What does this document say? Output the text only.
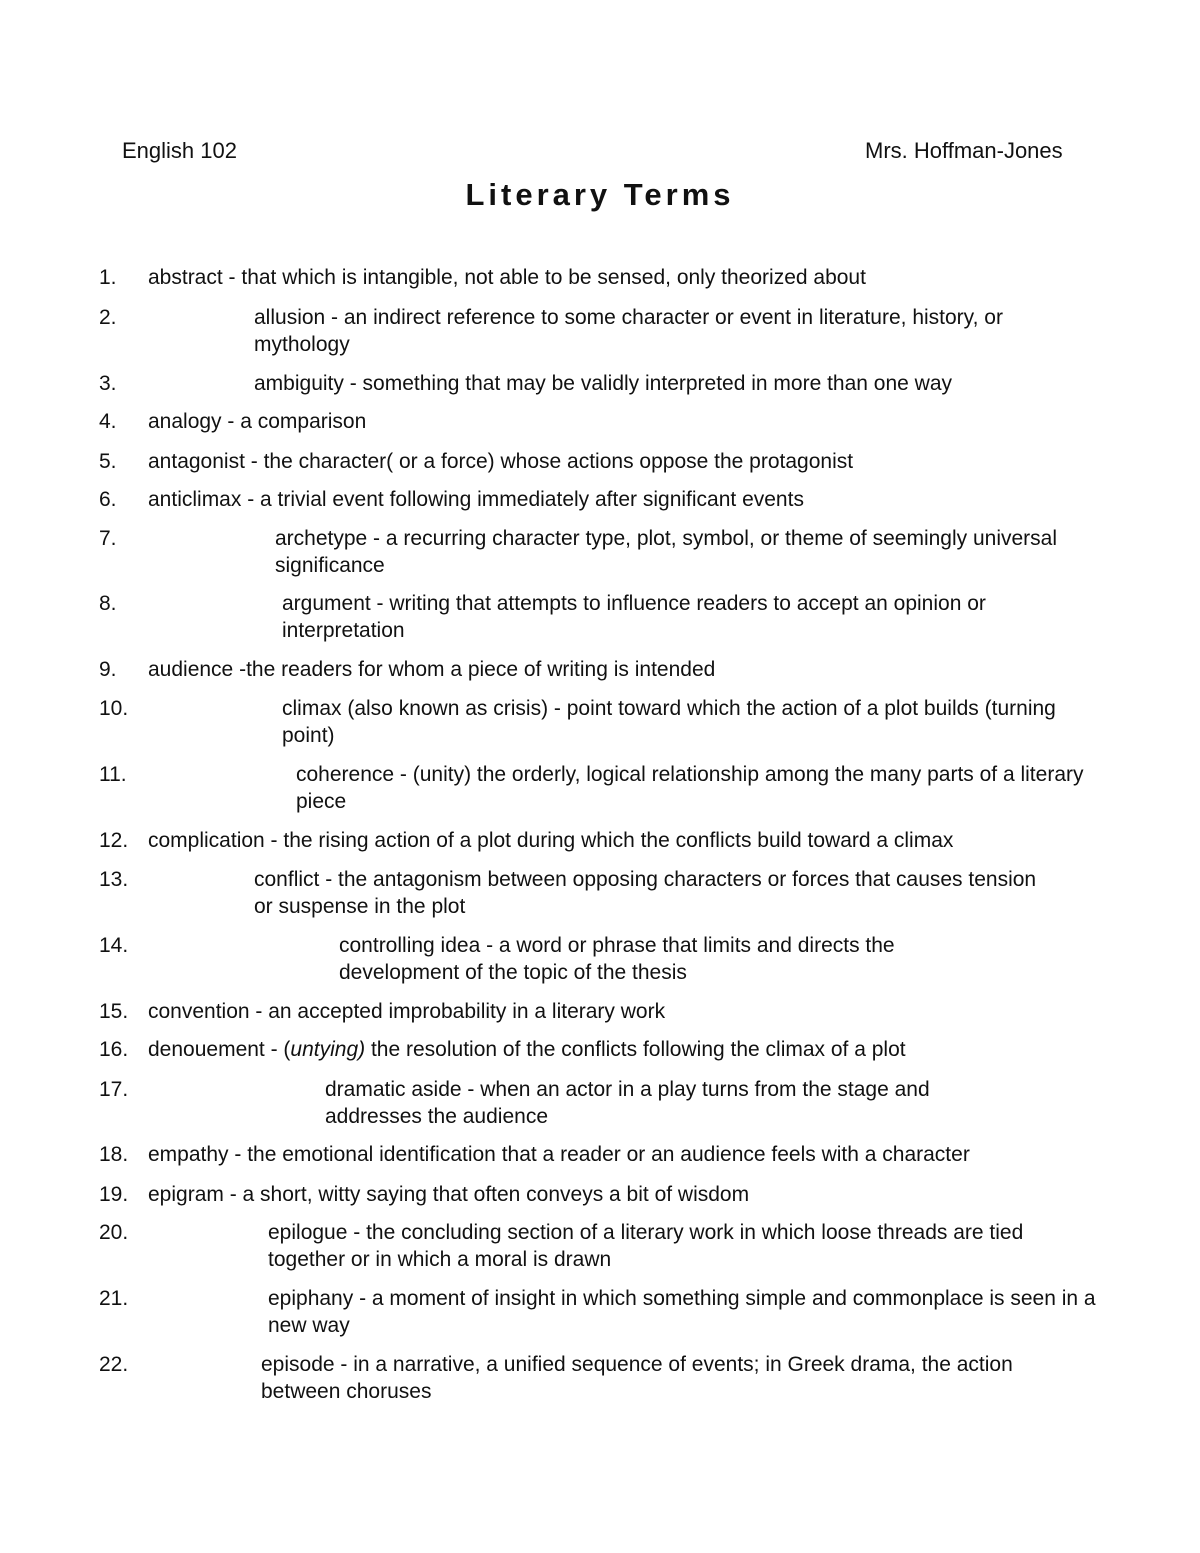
English 102	Mrs. Hoffman-Jones
Literary Terms
1. abstract - that which is intangible, not able to be sensed, only theorized about
2.	allusion - an indirect reference to some character or event in literature, history, or mythology
3.	ambiguity - something that may be validly interpreted in more than one way
4. analogy - a comparison
5. antagonist - the character( or a force) whose actions oppose the protagonist
6. anticlimax - a trivial event following immediately after significant events
7.	archetype - a recurring character type, plot, symbol, or theme of seemingly universal significance
8.	argument - writing that attempts to influence readers to accept an opinion or interpretation
9. audience -the readers for whom a piece of writing is intended
10.	climax (also known as crisis) - point toward which the action of a plot builds (turning point)
11.	coherence - (unity) the orderly, logical relationship among the many parts of a literary piece
12. complication - the rising action of a plot during which the conflicts build toward a climax
13.	conflict - the antagonism between opposing characters or forces that causes tension or suspense in the plot
14.	controlling idea - a word or phrase that limits and directs the development of the topic of the thesis
15. convention - an accepted improbability in a literary work
16. denouement - (untying) the resolution of the conflicts following the climax of a plot
17.	dramatic aside - when an actor in a play turns from the stage and addresses the audience
18. empathy - the emotional identification that a reader or an audience feels with a character
19. epigram - a short, witty saying that often conveys a bit of wisdom
20.	epilogue - the concluding section of a literary work in which loose threads are tied together or in which a moral is drawn
21.	epiphany - a moment of insight in which something simple and commonplace is seen in a new way
22.	episode - in a narrative, a unified sequence of events; in Greek drama, the action between choruses
